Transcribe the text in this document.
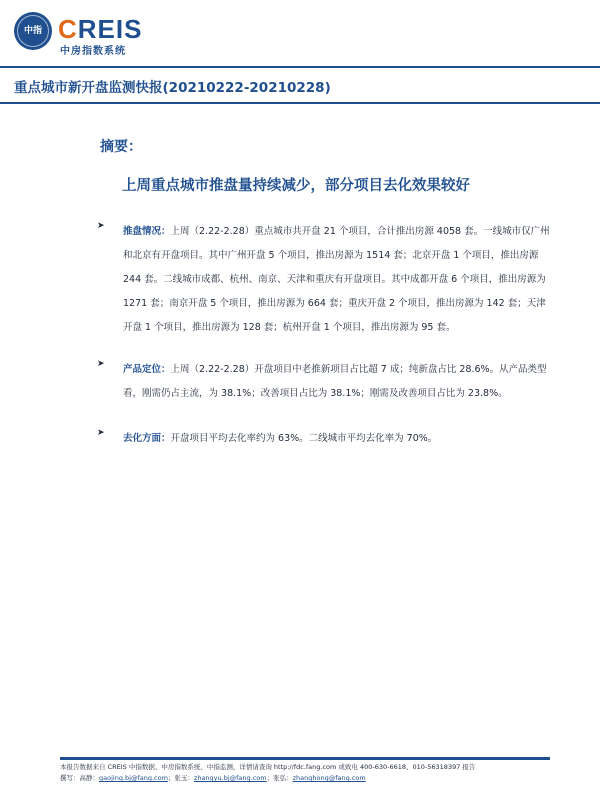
中指 CREIS
中房指数系统
重点城市新开盘监测快报(20210222-20210228)
摘要：
上周重点城市推盘量持续减少，部分项目去化效果较好
➤ 推盘情况：上周（2.22-2.28）重点城市共开盘 21 个项目，合计推出房源 4058 套。一线城市仅广州和北京有开盘项目。其中广州开盘 5 个项目，推出房源为 1514 套；北京开盘 1 个项目，推出房源 244 套。二线城市成都、杭州、南京、天津和重庆有开盘项目。其中成都开盘 6 个项目，推出房源为 1271 套；南京开盘 5 个项目，推出房源为 664 套；重庆开盘 2 个项目，推出房源为 142 套；天津开盘 1 个项目，推出房源为 128 套；杭州开盘 1 个项目，推出房源为 95 套。
➤ 产品定位：上周（2.22-2.28）开盘项目中老推新项目占比超 7 成；纯新盘占比 28.6%。从产品类型看，刚需仍占主流，为 38.1%；改善项目占比为 38.1%；刚需及改善项目占比为 23.8%。
➤ 去化方面：开盘项目平均去化率约为 63%。二线城市平均去化率为 70%。
本报告数据来自 CREIS 中指数据、中房指数系统、中指监测，详情请查询 http://fdc.fang.com 或致电 400-630-6618、010-56318397 报告
撰写：高静：gaojing.bj@fang.com；张玉：zhangyu.bj@fang.com；张弘：zhanghong@fang.com
